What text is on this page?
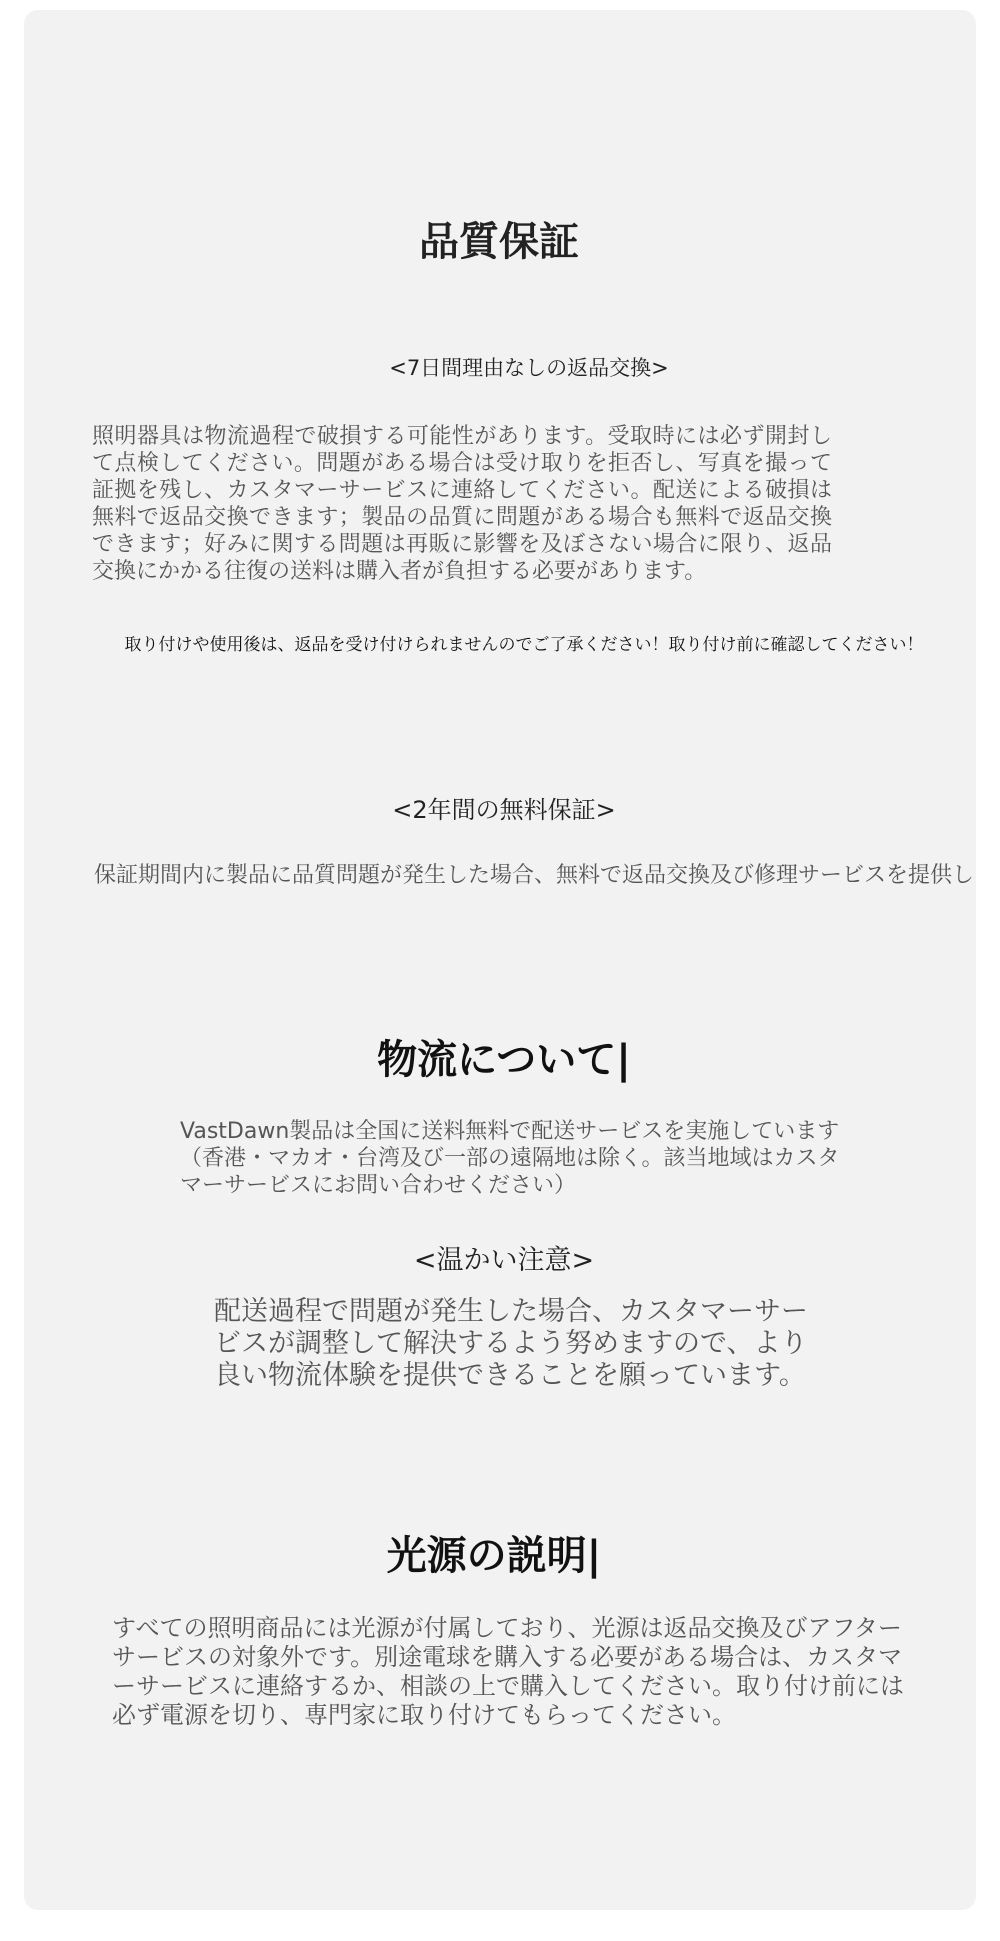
品質保証
<7日間理由なしの返品交換>

照明器具は物流過程で破損する可能性があります。受取時には必ず開封して点検してください。問題がある場合は受け取りを拒否し、写真を撮って証拠を残し、カスタマーサービスに連絡してください。配送による破損は無料で返品交換できます；製品の品質に問題がある場合も無料で返品交換できます；好みに関する問題は再販に影響を及ぼさない場合に限り、返品交換にかかる往復の送料は購入者が負担する必要があります。

取り付けや使用後は、返品を受け付けられませんのでご了承ください！取り付け前に確認してください！
<2年間の無料保証>

保証期間内に製品に品質問題が発生した場合、無料で返品交換及び修理サービスを提供し

物流について|

VastDawn製品は全国に送料無料で配送サービスを実施しています（香港・マカオ・台湾及び一部の遠隔地は除く。該当地域はカスタマーサービスにお問い合わせください）

<温かい注意>

配送過程で問題が発生した場合、カスタマーサービスが調整して解決するよう努めますので、より良い物流体験を提供できることを願っています。

光源の説明|

すべての照明商品には光源が付属しており、光源は返品交換及びアフターサービスの対象外です。別途電球を購入する必要がある場合は、カスタマーサービスに連絡するか、相談の上で購入してください。取り付け前には必ず電源を切り、専門家に取り付けてもらってください。
